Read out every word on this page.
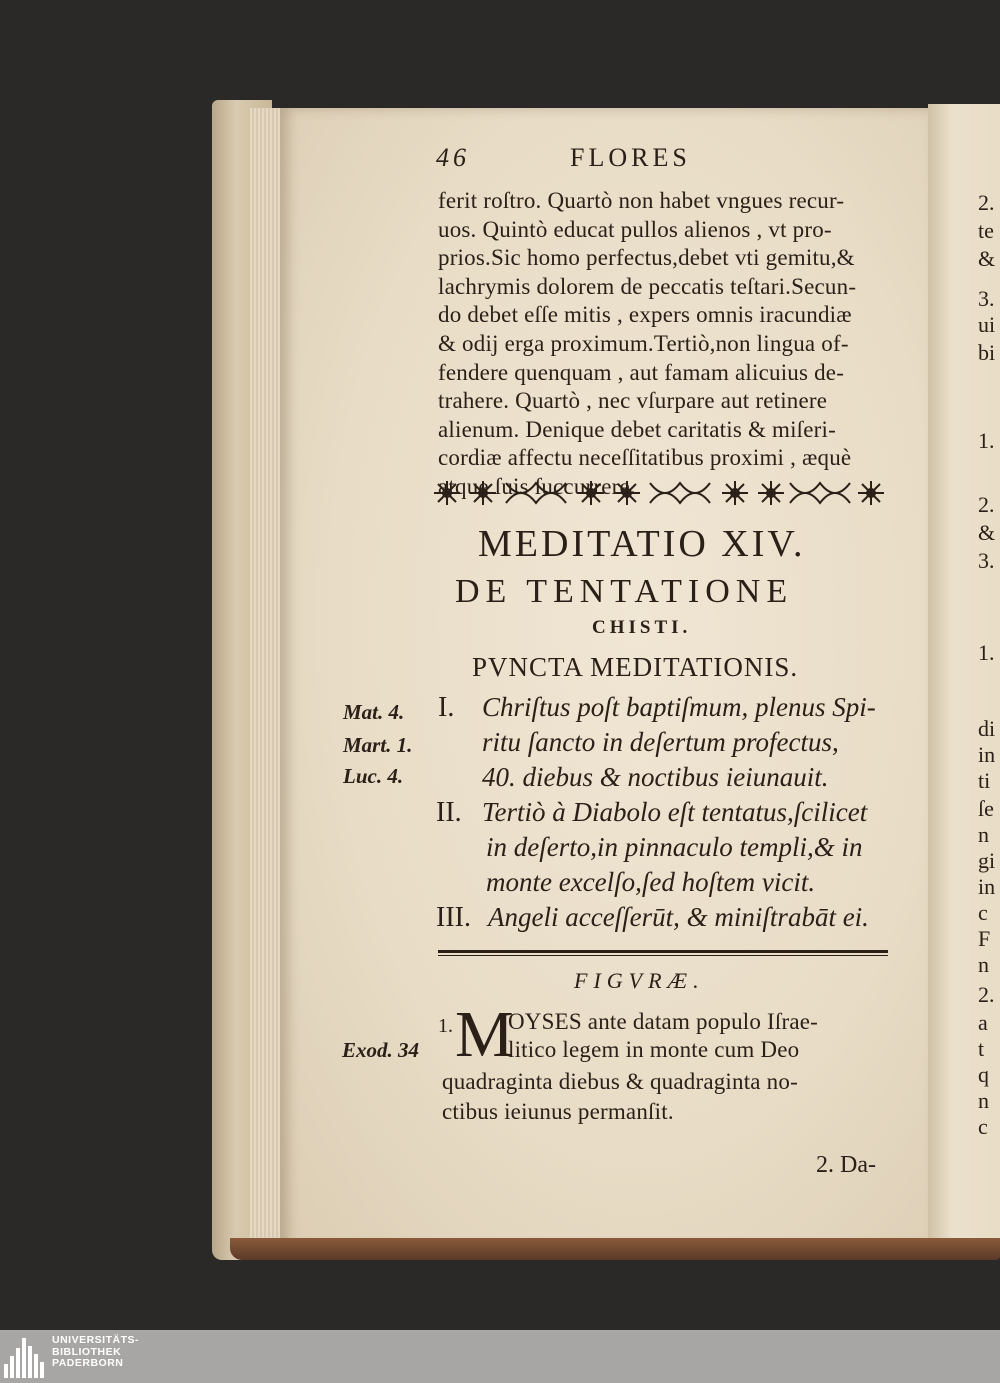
46	FLORES
ferit roſtro. Quartò non habet vngues recur-
uos. Quintò educat pullos alienos , vt pro-
prios.Sic homo perfectus,debet vti gemitu,&
lachrymis dolorem de peccatis teſtari.Secun-
do debet eſſe mitis , expers omnis iracundiæ
& odij erga proximum.Tertiò,non lingua of-
fendere quenquam , aut famam alicuius de-
trahere. Quartò , nec vſurpare aut retinere
alienum. Denique debet caritatis & miſeri-
cordiæ affectu neceſſitatibus proximi , æquè
atque ſuis ſuccurrere.
MEDITATIO XIV.
DE TENTATIONE
CHISTI.
PVNCTA MEDITATIONIS.
Mat. 4.
Mart. 1.
Luc. 4.
I. Chriſtus poſt baptiſmum, plenus Spi-
ritu ſancto in deſertum profectus,
40. diebus & noctibus ieiunauit.
II. Tertiò à Diabolo eſt tentatus,ſcilicet
in deſerto,in pinnaculo templi,& in
monte excelſo,ſed hoſtem vicit.
III. Angeli acceſſerūt, & miniſtrabāt ei.
FIGVRÆ.
1. M
OYSES ante datam populo Iſrae-
litico legem in monte cum Deo
quadraginta diebus & quadraginta no-
ctibus ieiunus permanſit.
Exod. 34
2. Da-
2.
te
&
3.
ui
bi
1.
2.
&
3.
1.
di
in
ti
ſe
n
gi
in
c
F
n
2.
a
t
q
n
c
UNIVERSITÄTS-
BIBLIOTHEK
PADERBORN
